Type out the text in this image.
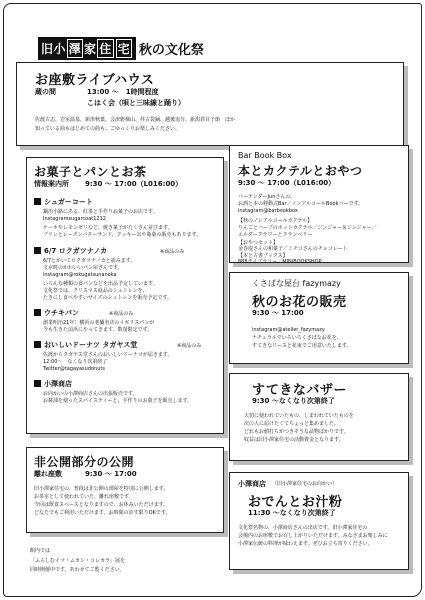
旧小 澤 家 住 宅 秋の文化祭
お座敷ライブハウス
蔵の間	13:00 ～　1時間程度
こはく会（唄と三味線と踊り）
佐渡古志、岩室温泉、新津秋葉、会津磐梯山、荏古袋踊、越後追分、新潟甚目子節　ほか
知っている曲もはじめての曲も、ごゆっくりお楽しみください。
お菓子とパンとお茶
情報案内所 9:30 ～ 17:00（L016:00）
シュガーコート
鍋治小路にある、紅茶と手作りお菓子のお店です。
Instagramsugarcoat1212
ケーキやレモンゼリなど、焼き菓子がたくさん並びます。
プリンとレーズンバターサンド、クッキー缶や瓶菓の販売もあります。
6/7 ロクガツナノカ	※商品のみ
6/7とかいてロクガツナノカと読みます。
文京町のかわいいパン屋さんです。
instagram@rokugatsunanoka
いろんな種類の食パンなどを出品予定しています。
文化祭では、クリスマス商品のシュトレンを、
たきにし食べやすいサイズのシュトレンを販売予定です。
ウチキパン	※商品のみ
創業明治21年！横浜の老舗名店のイギリスパンが
今も生きた前浜にやってきます。数量限定です。
おいしいドーナツ タガヤス堂	※商品のみ
佐渡からタガヤス堂さんのおいしいドーナツが届きます。
12:00～　なくなり次第終了
Twitter@tagayasudonuts
小澤商店
お向かいの小澤商店さんの出張販売です。
お醤油を使ったスパイスティーと、手作りのお菓子を販売します。
非公開部分の公開
離れ座敷	9:30 ～ 17:00
旧小澤家住宅の、普段は非公開の部屋を特別に公開します。
お茶室として使われていた、離れ座敷です。
今回は飲食スペースとなりますので、お休みいただけます。
どなたでもご利用いただけます。お時間の許す限りOKです。
館内では
「ふらしむイマ・ムカシ・コレカラ」展を
同時開催中です。あわせてご覧ください。
Bar Book Box
本とカクテルとおやつ
9:30 ～ 17:00（L016:00）
バーテンダーJunさんの、
お酒と本の移動式Bar／ノンアルコールBookバーです。
instagram@barbookbox
【秋のノンアルコールカクテル】
りんごとハーブのホットカクテル／ジンジャー＆ジンジャー／
エルダーフラワーとクランベリー
【おやつセット】
金巻堤さんの和菓子／ミチコさんのチョコレート
【本と古書ブックス】
888ライブラリー／MINIBOOKSHOP
くさばな屋台 fazymazy
秋のお花の販売
9:30 ～ 17:00
instagram@atelier_fazymazy
ナチュラルでいろいろくさばなお花を、
すてきなリースと花束でご用意いたします。
すてきなバザー
9:30 ～なくなり次第終了
大切に使われていたもの、しまわれていたものを
次の人に届けたくてちょっと集めました。
どれもお値打ちがつきそうな品物ばかりです。
収益は旧小澤家住宅の活動資金となります。
小澤商店 （旧小澤家住宅のお向かい）
おでんとお汁粉
11:30 ～なくなり次第終了
文化祭名物の、小澤商店さんの出店です。旧小澤家住宅の
会場内のお座敷でお召し上がりいただけます。みなさまお楽しみに
小澤家伝統の料理が味わえます。ぜひお立ち寄りください。
